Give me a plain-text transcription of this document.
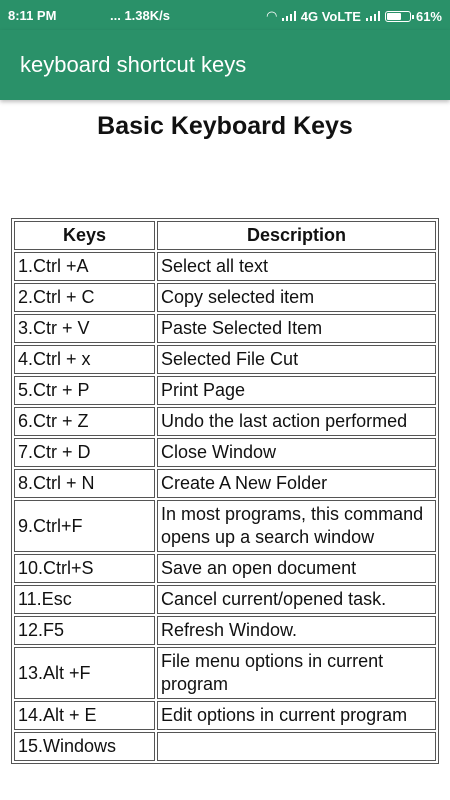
8:11 PM	... 1.38K/s	◠ 4G VoLTE	61%
keyboard shortcut keys
Basic Keyboard Keys
Keys	Description
1.Ctrl +A	Select all text
2.Ctrl + C	Copy selected item
3.Ctr + V	Paste Selected Item
4.Ctrl + x	Selected File Cut
5.Ctr + P	Print Page
6.Ctr + Z	Undo the last action performed
7.Ctr + D	Close Window
8.Ctrl + N	Create A New Folder
9.Ctrl+F	In most programs, this command opens up a search window
10.Ctrl+S	Save an open document
11.Esc	Cancel current/opened task.
12.F5	Refresh Window.
13.Alt +F	File menu options in current program
14.Alt + E	Edit options in current program
15.Windows	
